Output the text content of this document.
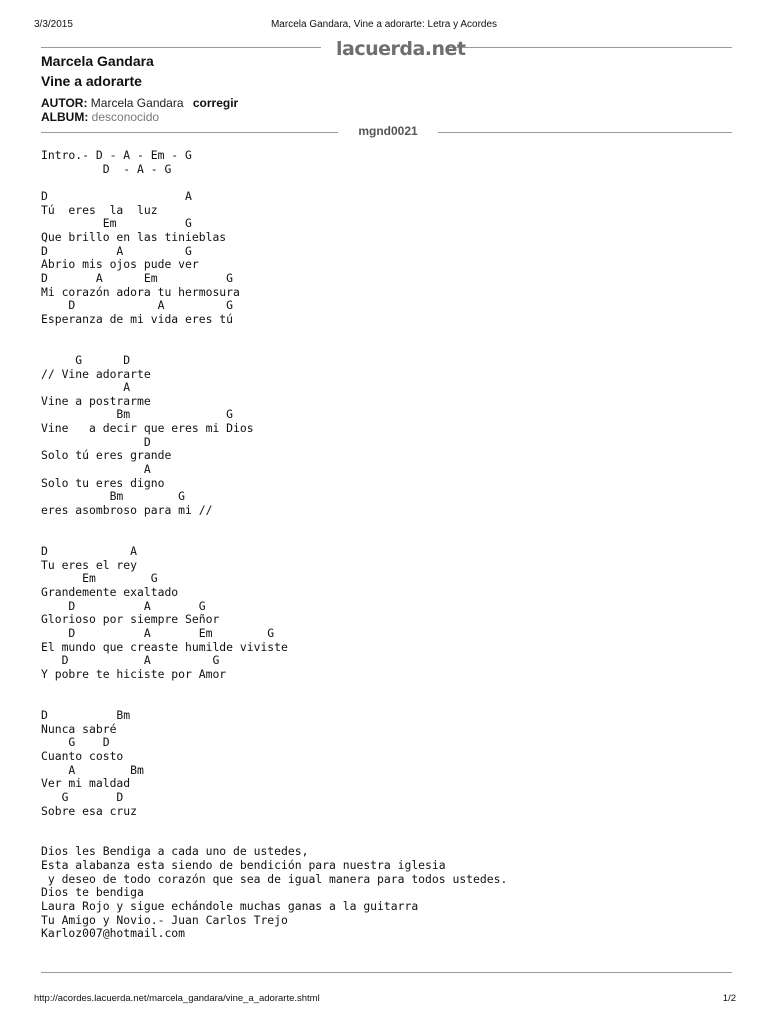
3/3/2015	Marcela Gandara, Vine a adorarte: Letra y Acordes
lacuerda.net
Marcela Gandara
Vine a adorarte
AUTOR: Marcela Gandara corregir
ALBUM: desconocido
mgnd0021
Intro.- D - A - Em - G
D  - A - G

D                    A
Tú  eres  la  luz
Em          G
Que brillo en las tinieblas
D          A         G
Abrio mis ojos pude ver
D       A      Em          G
Mi corazón adora tu hermosura
D            A         G
Esperanza de mi vida eres tú

G      D
// Vine adorarte
A
Vine a postrarme
Bm              G
Vine   a decir que eres mi Dios
D
Solo tú eres grande
A
Solo tu eres digno
Bm        G
eres asombroso para mi //

D            A
Tu eres el rey
Em        G
Grandemente exaltado
D          A       G
Glorioso por siempre Señor
D          A       Em        G
El mundo que creaste humilde viviste
D           A         G
Y pobre te hiciste por Amor

D          Bm
Nunca sabré
G    D
Cuanto costo
A        Bm
Ver mi maldad
G       D
Sobre esa cruz

Dios les Bendiga a cada uno de ustedes,
Esta alabanza esta siendo de bendición para nuestra iglesia
y deseo de todo corazón que sea de igual manera para todos ustedes.
Dios te bendiga
Laura Rojo y sigue echándole muchas ganas a la guitarra
Tu Amigo y Novio.- Juan Carlos Trejo
Karloz007@hotmail.com
http://acordes.lacuerda.net/marcela_gandara/vine_a_adorarte.shtml	1/2
